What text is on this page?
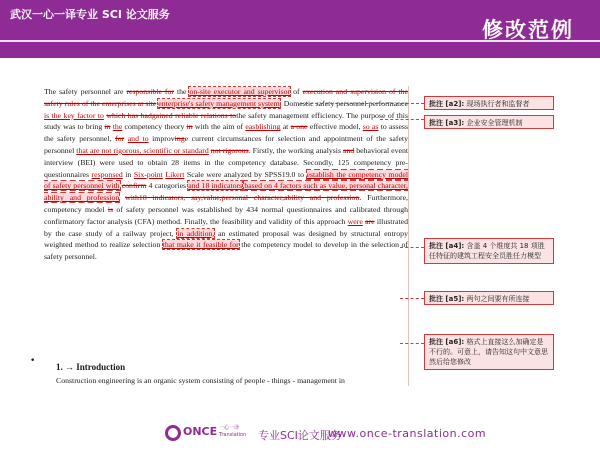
武汉一心一译专业 SCI 论文服务
修改范例

The safety personnel are responsible for the on-site executor and supervisor of execution and supervision of the safety rules of the enterprises at site enterprise's safety management system. Domestic safety personnel performance is the key factor to which has hadgained reliable relations tothe safety management efficiency. The purpose of this study was to bring in the competency theory in with the aim of easblishing at a one effective model, so as to assess the safety personnel, for and to improvinge current circumstances for selection and appointment of the safety personnel that are not rigorous, scientific or standard not rigorous. Firstly, the working analysis and behavioral event interview (BEI) were used to obtain 28 items in the competency database. Secondly, 125 competency pre-questionnaires responsed in Six-point Likert Scale were analyzed by SPSS19.0 to establish the competency model of safety personnel with confirm 4 categories and 18 indicators based on 4 factors such as value, personal character, ability and profession with18 indicators, say,value,personal character,ability and profession. Furthermore, competency model is of safety personnel was established by 434 normal questionnaires and calibrated through confirmatory factor analysis (CFA) method. Finally, the feasibility and validity of this approach were are illustrated by the case study of a railway project, in addition, an estimated proposal was designed by structural entropy weighted method to realize selection that make it feasible for the competency model to develop in the selection of safety personnel.

•
1. → Introduction
Construction engineering is an organic system consisting of people - things - management in
批注 [a2]: 现场执行者和监督者
批注 [a3]: 企业安全管理机制
批注 [a4]: 含盖 4 个维度共 18 项胜任特征的建筑工程安全员胜任力模型
批注 [a5]: 两句之间要有所连接
批注 [a6]: 格式上直接这么加确定是不行的。可意上，请告知这句中文意思然后给您修改
ONCE 一心一译
Translation 专业SCI论文服务
www.once-translation.com
